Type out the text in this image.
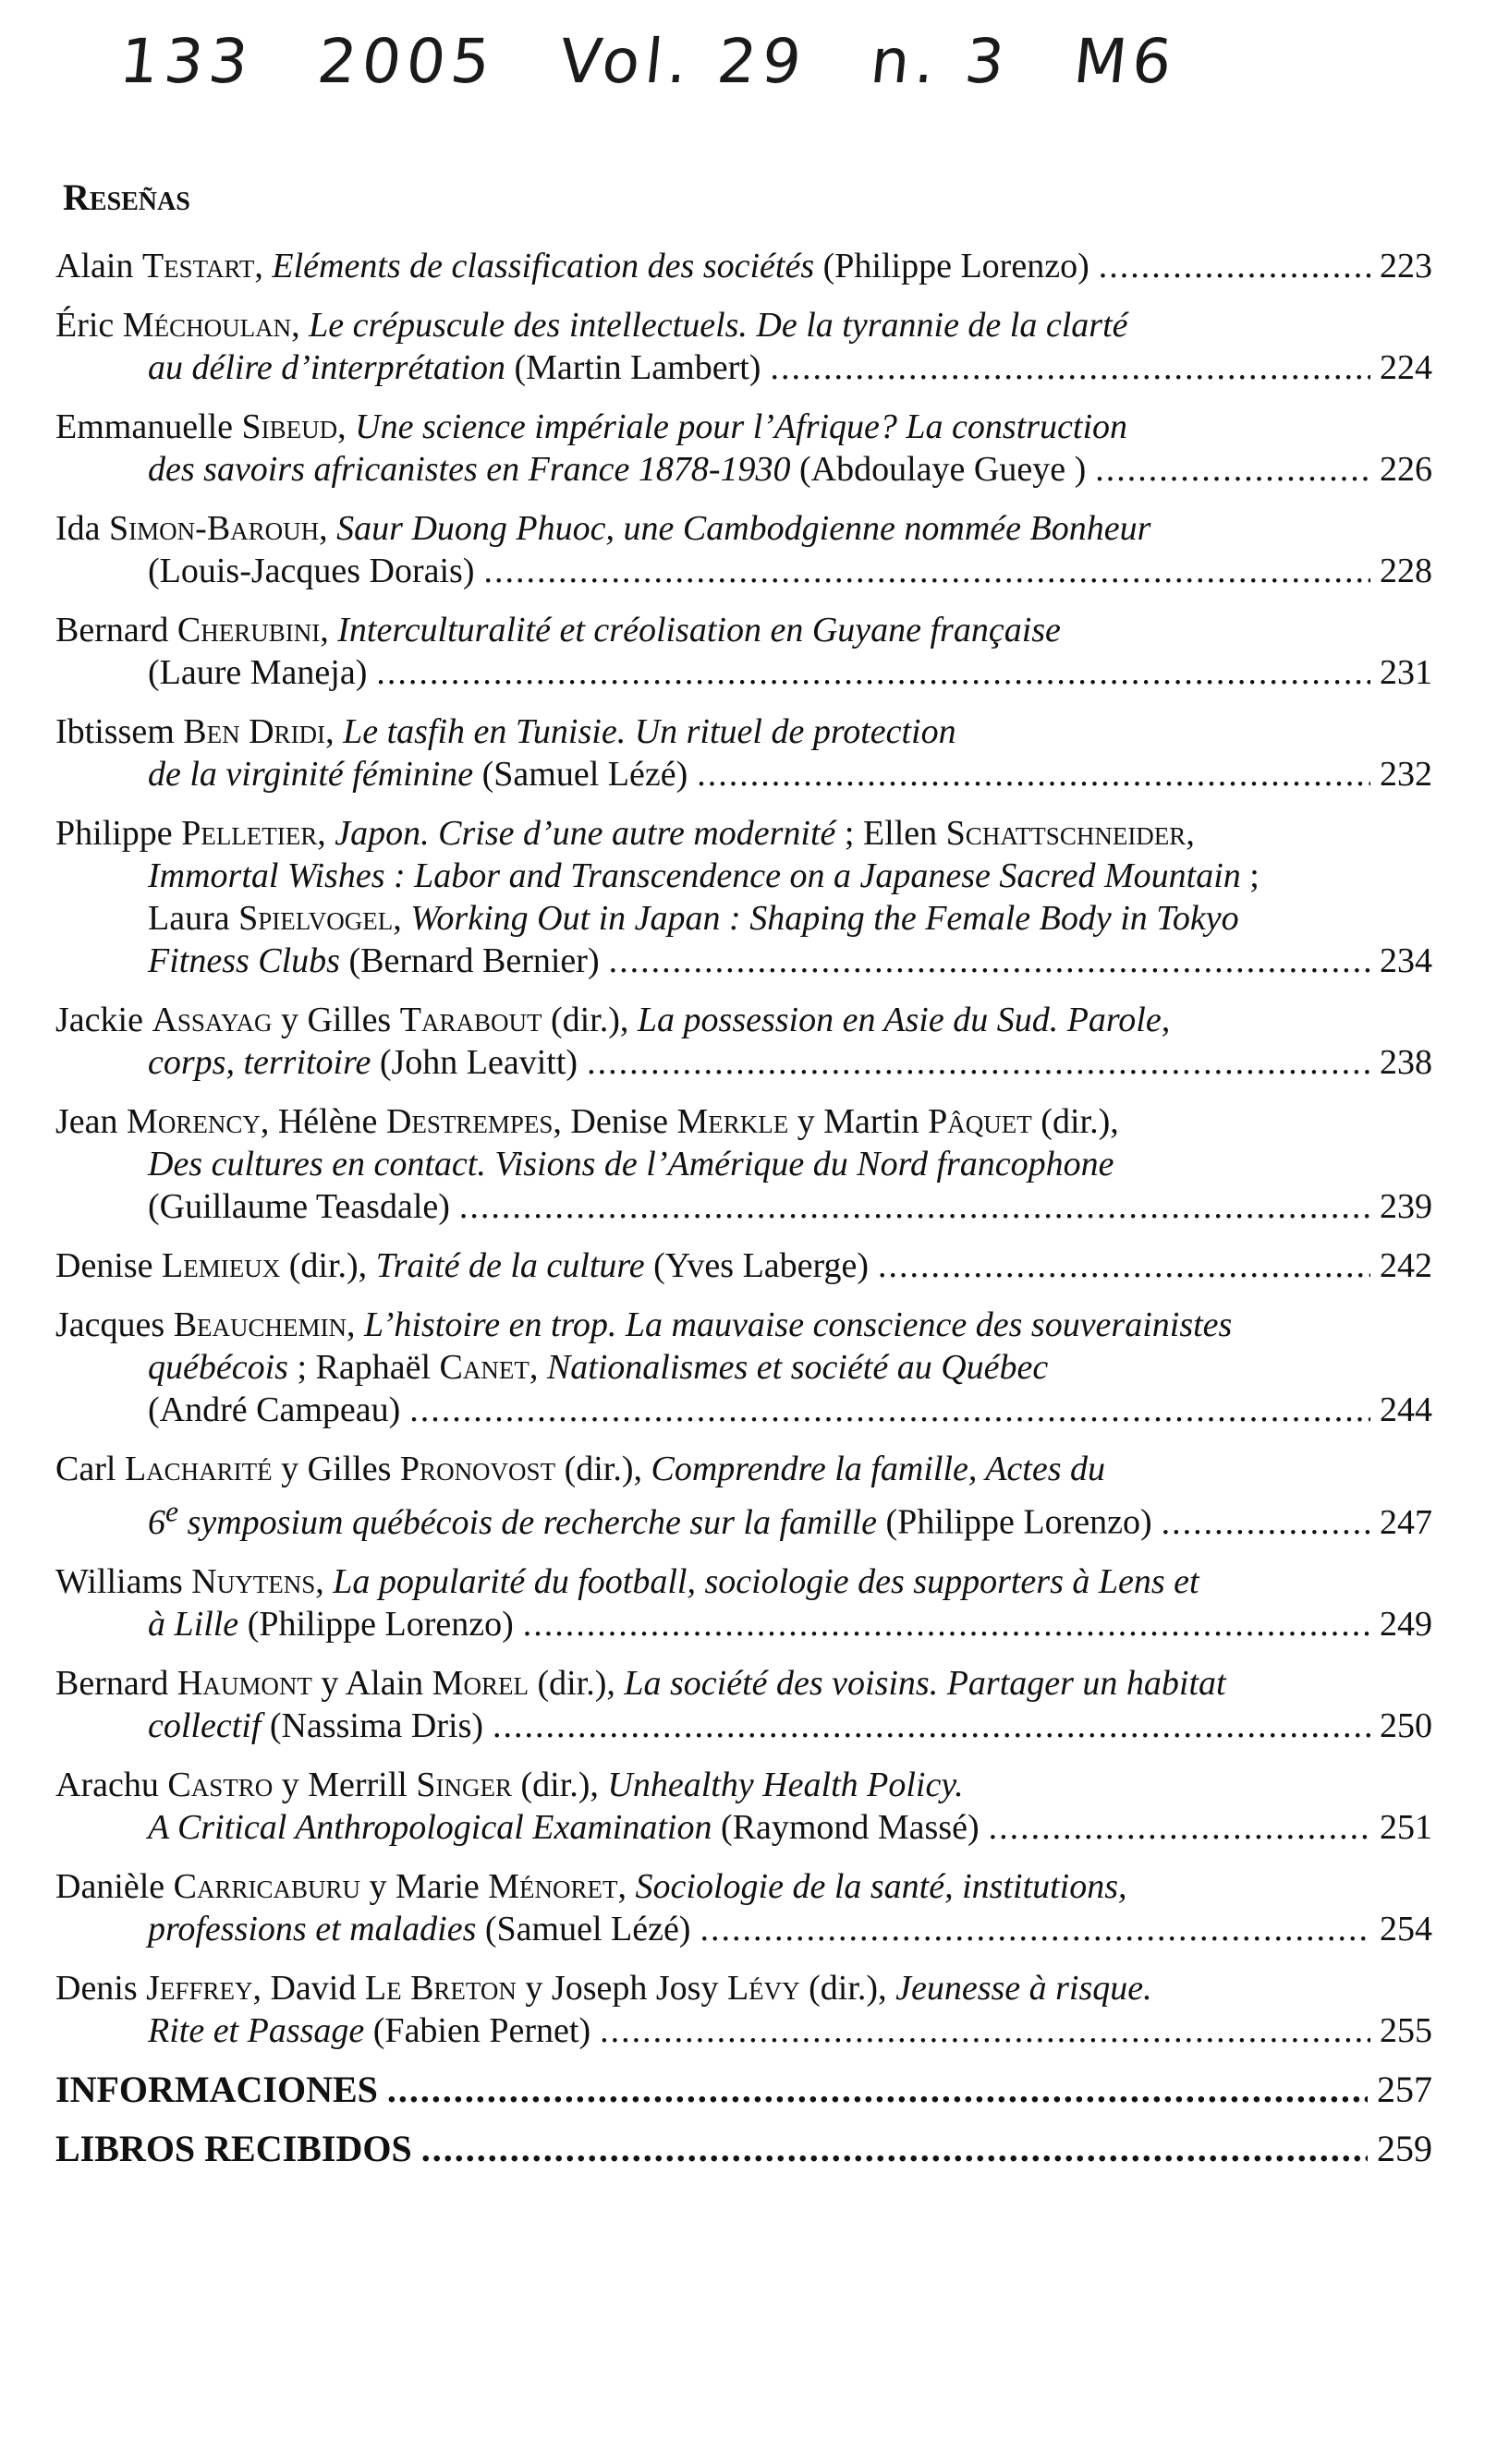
133 2005 Vol. 29 n. 3 M6
Reseñas
Alain Testart, Eléments de classification des sociétés (Philippe Lorenzo) .....	223
Éric Méchoulan, Le crépuscule des intellectuels. De la tyrannie de la clarté
au délire d’interprétation (Martin Lambert) .....	224
Emmanuelle Sibeud, Une science impériale pour l’Afrique? La construction
des savoirs africanistes en France 1878-1930 (Abdoulaye Gueye ) .....	226
Ida Simon-Barouh, Saur Duong Phuoc, une Cambodgienne nommée Bonheur
(Louis-Jacques Dorais) .....	228
Bernard Cherubini, Interculturalité et créolisation en Guyane française
(Laure Maneja) .....	231
Ibtissem Ben Dridi, Le tasfih en Tunisie. Un rituel de protection
de la virginité féminine (Samuel Lézé) .....	232
Philippe Pelletier, Japon. Crise d’une autre modernité ; Ellen Schattschneider,
Immortal Wishes : Labor and Transcendence on a Japanese Sacred Mountain ;
Laura Spielvogel, Working Out in Japan : Shaping the Female Body in Tokyo
Fitness Clubs (Bernard Bernier) .....	234
Jackie Assayag y Gilles Tarabout (dir.), La possession en Asie du Sud. Parole,
corps, territoire (John Leavitt) .....	238
Jean Morency, Hélène Destrempes, Denise Merkle y Martin Pâquet (dir.),
Des cultures en contact. Visions de l’Amérique du Nord francophone
(Guillaume Teasdale) .....	239
Denise Lemieux (dir.), Traité de la culture (Yves Laberge) .....	242
Jacques Beauchemin, L’histoire en trop. La mauvaise conscience des souverainistes
québécois ; Raphaël Canet, Nationalismes et société au Québec
(André Campeau) .....	244
Carl Lacharité y Gilles Pronovost (dir.), Comprendre la famille, Actes du
6e symposium québécois de recherche sur la famille (Philippe Lorenzo) .....	247
Williams Nuytens, La popularité du football, sociologie des supporters à Lens et
à Lille (Philippe Lorenzo) .....	249
Bernard Haumont y Alain Morel (dir.), La société des voisins. Partager un habitat
collectif (Nassima Dris) .....	250
Arachu Castro y Merrill Singer (dir.), Unhealthy Health Policy.
A Critical Anthropological Examination (Raymond Massé) .....	251
Danièle Carricaburu y Marie Ménoret, Sociologie de la santé, institutions,
professions et maladies (Samuel Lézé) .....	254
Denis Jeffrey, David Le Breton y Joseph Josy Lévy (dir.), Jeunesse à risque.
Rite et Passage (Fabien Pernet) .....	255
INFORMACIONES .....	257
LIBROS RECIBIDOS .....	259
